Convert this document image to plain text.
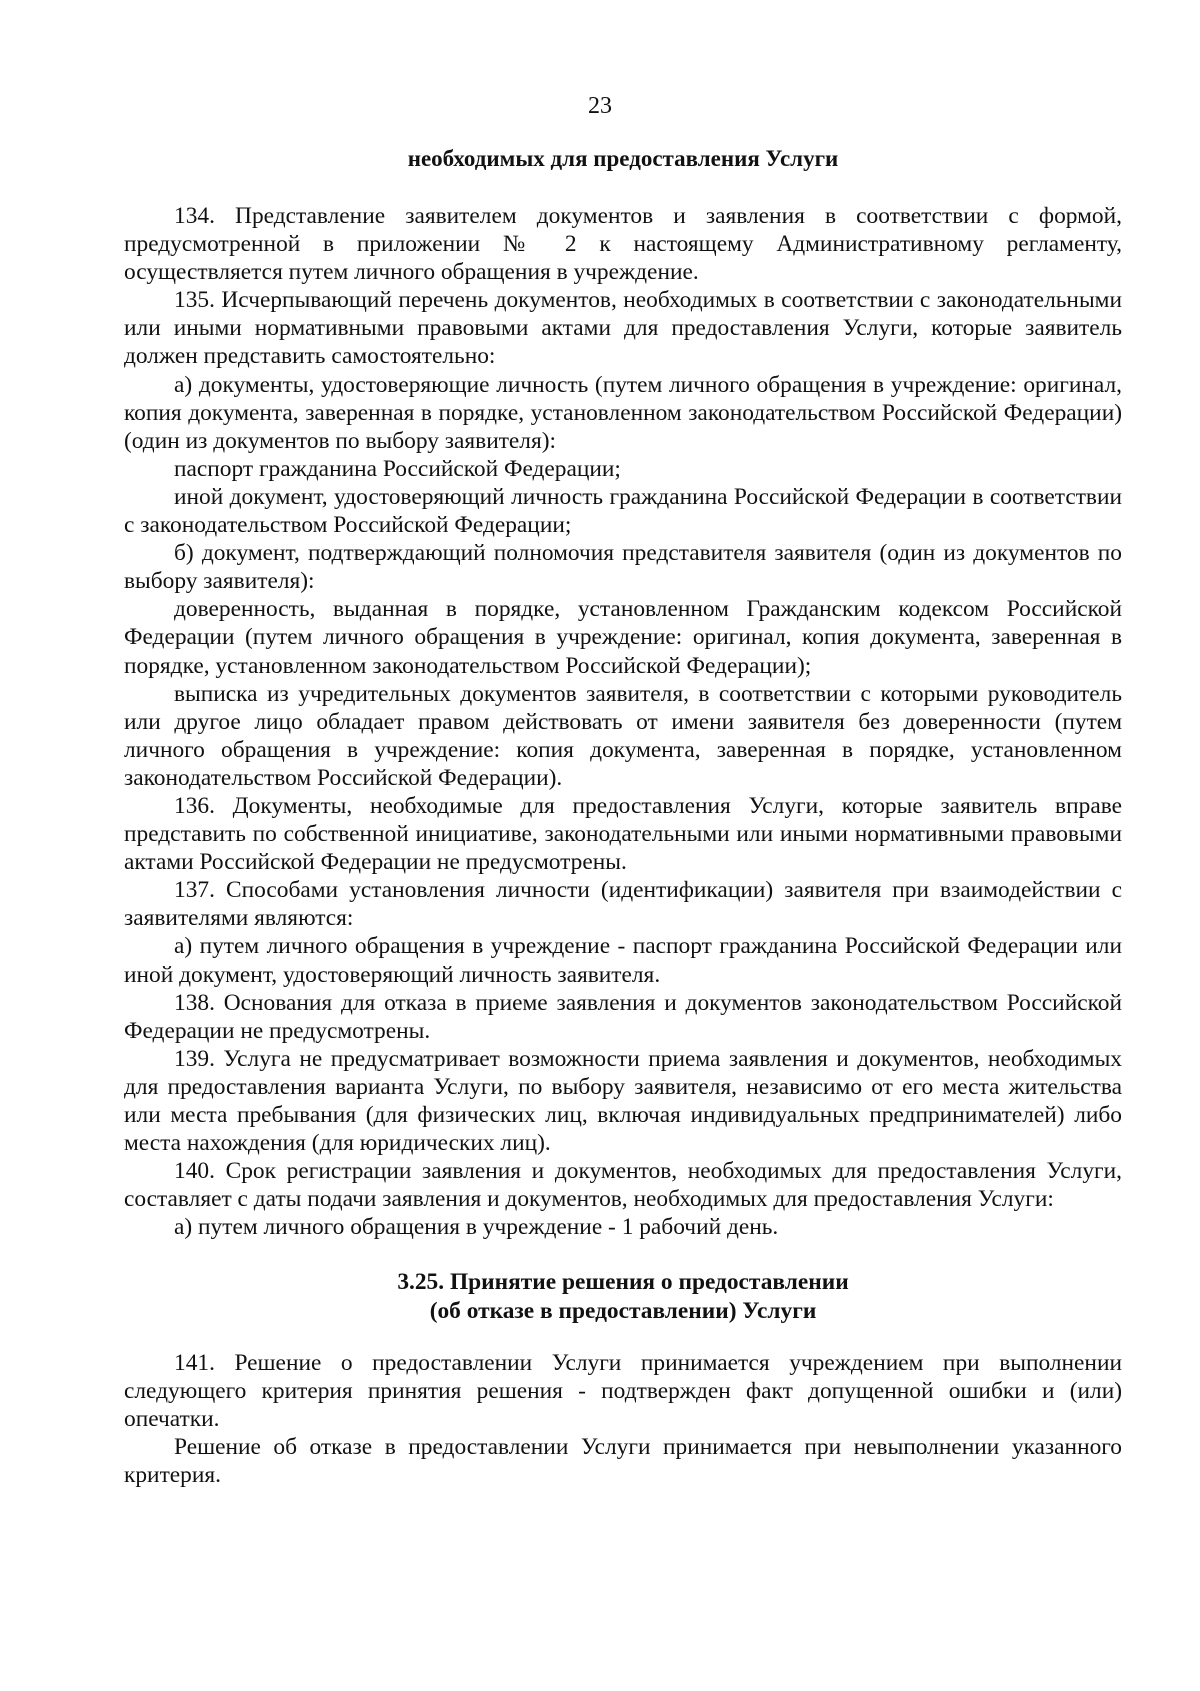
23
необходимых для предоставления Услуги

134. Представление заявителем документов и заявления в соответствии с формой, предусмотренной в приложении № 2 к настоящему Административному регламенту, осуществляется путем личного обращения в учреждение.

135. Исчерпывающий перечень документов, необходимых в соответствии с законодательными или иными нормативными правовыми актами для предоставления Услуги, которые заявитель должен представить самостоятельно:

а) документы, удостоверяющие личность (путем личного обращения в учреждение: оригинал, копия документа, заверенная в порядке, установленном законодательством Российской Федерации) (один из документов по выбору заявителя):

паспорт гражданина Российской Федерации;

иной документ, удостоверяющий личность гражданина Российской Федерации в соответствии с законодательством Российской Федерации;

б) документ, подтверждающий полномочия представителя заявителя (один из документов по выбору заявителя):

доверенность, выданная в порядке, установленном Гражданским кодексом Российской Федерации (путем личного обращения в учреждение: оригинал, копия документа, заверенная в порядке, установленном законодательством Российской Федерации);

выписка из учредительных документов заявителя, в соответствии с которыми руководитель или другое лицо обладает правом действовать от имени заявителя без доверенности (путем личного обращения в учреждение: копия документа, заверенная в порядке, установленном законодательством Российской Федерации).

136. Документы, необходимые для предоставления Услуги, которые заявитель вправе представить по собственной инициативе, законодательными или иными нормативными правовыми актами Российской Федерации не предусмотрены.

137. Способами установления личности (идентификации) заявителя при взаимодействии с заявителями являются:

а) путем личного обращения в учреждение - паспорт гражданина Российской Федерации или иной документ, удостоверяющий личность заявителя.

138. Основания для отказа в приеме заявления и документов законодательством Российской Федерации не предусмотрены.

139. Услуга не предусматривает возможности приема заявления и документов, необходимых для предоставления варианта Услуги, по выбору заявителя, независимо от его места жительства или места пребывания (для физических лиц, включая индивидуальных предпринимателей) либо места нахождения (для юридических лиц).

140. Срок регистрации заявления и документов, необходимых для предоставления Услуги, составляет с даты подачи заявления и документов, необходимых для предоставления Услуги:

а) путем личного обращения в учреждение - 1 рабочий день.

3.25. Принятие решения о предоставлении
(об отказе в предоставлении) Услуги

141. Решение о предоставлении Услуги принимается учреждением при выполнении следующего критерия принятия решения - подтвержден факт допущенной ошибки и (или) опечатки.

Решение об отказе в предоставлении Услуги принимается при невыполнении указанного критерия.
